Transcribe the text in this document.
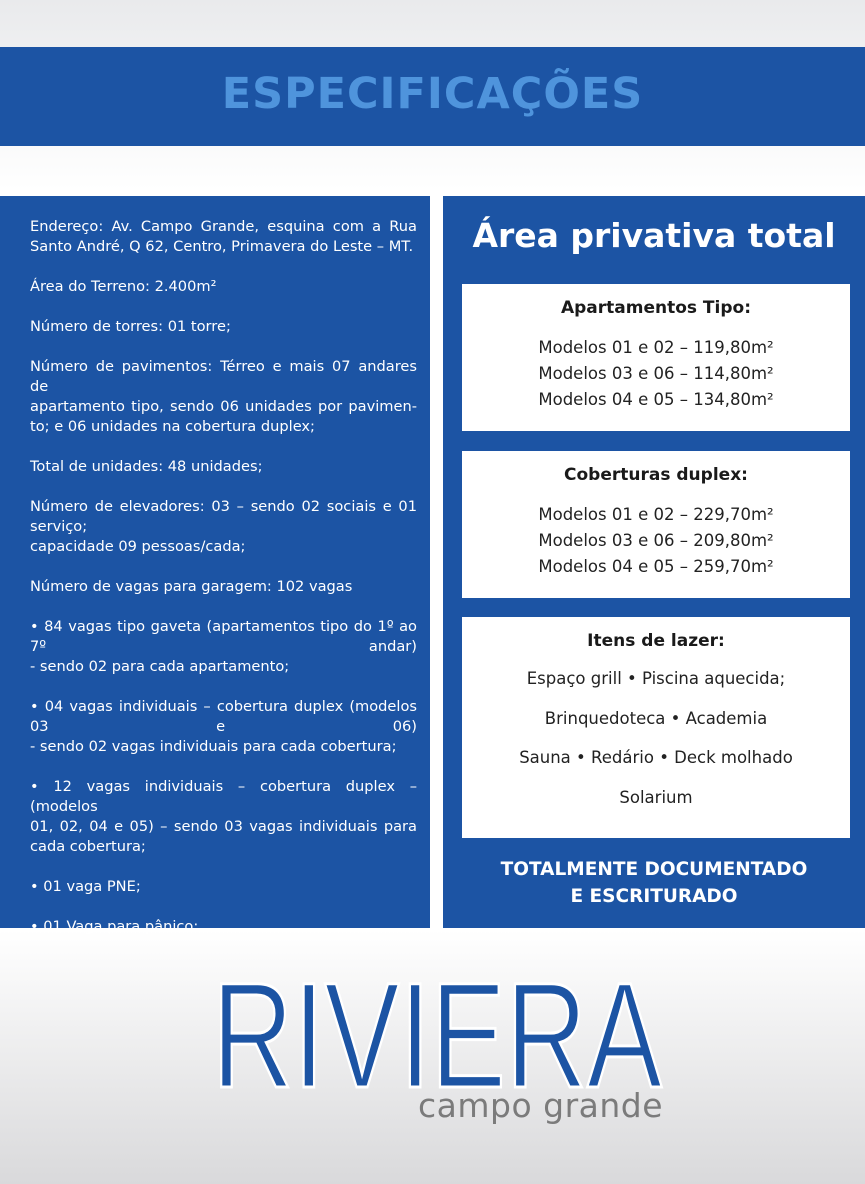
ESPECIFICAÇÕES
Endereço: Av. Campo Grande, esquina com a Rua
Santo André, Q 62, Centro, Primavera do Leste – MT.
Área do Terreno: 2.400m²
Número de torres: 01 torre;
Número de pavimentos: Térreo e mais 07 andares de
apartamento tipo, sendo 06 unidades por pavimen-
to; e 06 unidades na cobertura duplex;
Total de unidades: 48 unidades;
Número de elevadores: 03 – sendo 02 sociais e 01
serviço;
capacidade 09 pessoas/cada;
Número de vagas para garagem: 102 vagas
• 84 vagas tipo gaveta (apartamentos tipo do 1º ao
7º andar)
- sendo 02 para cada apartamento;
• 04 vagas individuais – cobertura duplex (modelos
03 e 06)
- sendo 02 vagas individuais para cada cobertura;
• 12 vagas individuais – cobertura duplex – (modelos
01, 02, 04 e 05) – sendo 03 vagas individuais para
cada cobertura;
• 01 vaga PNE;
• 01 Vaga para pânico;
Área privativa total
Apartamentos Tipo:
Modelos 01 e 02 – 119,80m²
Modelos 03 e 06 – 114,80m²
Modelos 04 e 05 – 134,80m²
Coberturas duplex:
Modelos 01 e 02 – 229,70m²
Modelos 03 e 06 – 209,80m²
Modelos 04 e 05 – 259,70m²
Itens de lazer:
Espaço grill • Piscina aquecida;
Brinquedoteca • Academia
Sauna • Redário • Deck molhado
Solarium
TOTALMENTE DOCUMENTADO
E ESCRITURADO
RIVIERA
campo grande
